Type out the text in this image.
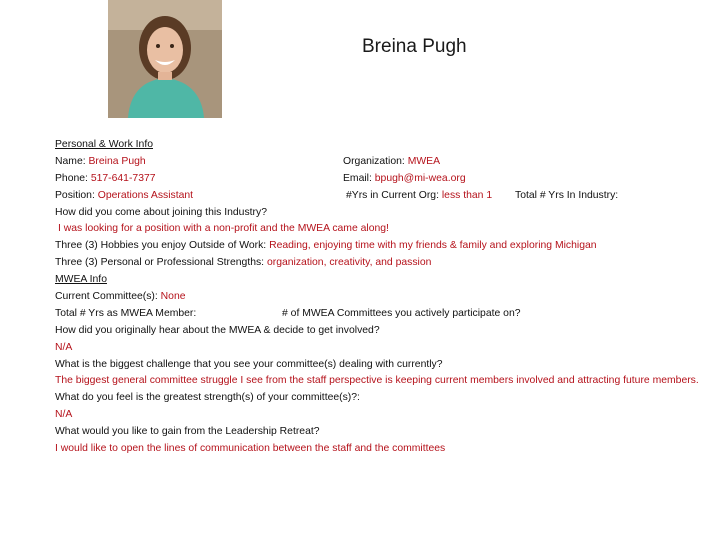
Breina Pugh
Personal & Work Info
Name: Breina Pugh	Organization: MWEA
Phone: 517-641-7377	Email: bpugh@mi-wea.org
Position: Operations Assistant	#Yrs in Current Org: less than 1 Total # Yrs In Industry:
How did you come about joining this Industry?
I was looking for a position with a non-profit and the MWEA came along!
Three (3) Hobbies you enjoy Outside of Work: Reading, enjoying time with my friends & family and exploring Michigan
Three (3) Personal or Professional Strengths: organization, creativity, and passion
MWEA Info
Current Committee(s): None
Total # Yrs as MWEA Member:	# of MWEA Committees you actively participate on?
How did you originally hear about the MWEA & decide to get involved?
N/A
What is the biggest challenge that you see your committee(s) dealing with currently?
The biggest general committee struggle I see from the staff perspective is keeping current members involved and attracting future members.
What do you feel is the greatest strength(s) of your committee(s)?:
N/A
What would you like to gain from the Leadership Retreat?
I would like to open the lines of communication between the staff and the committees
